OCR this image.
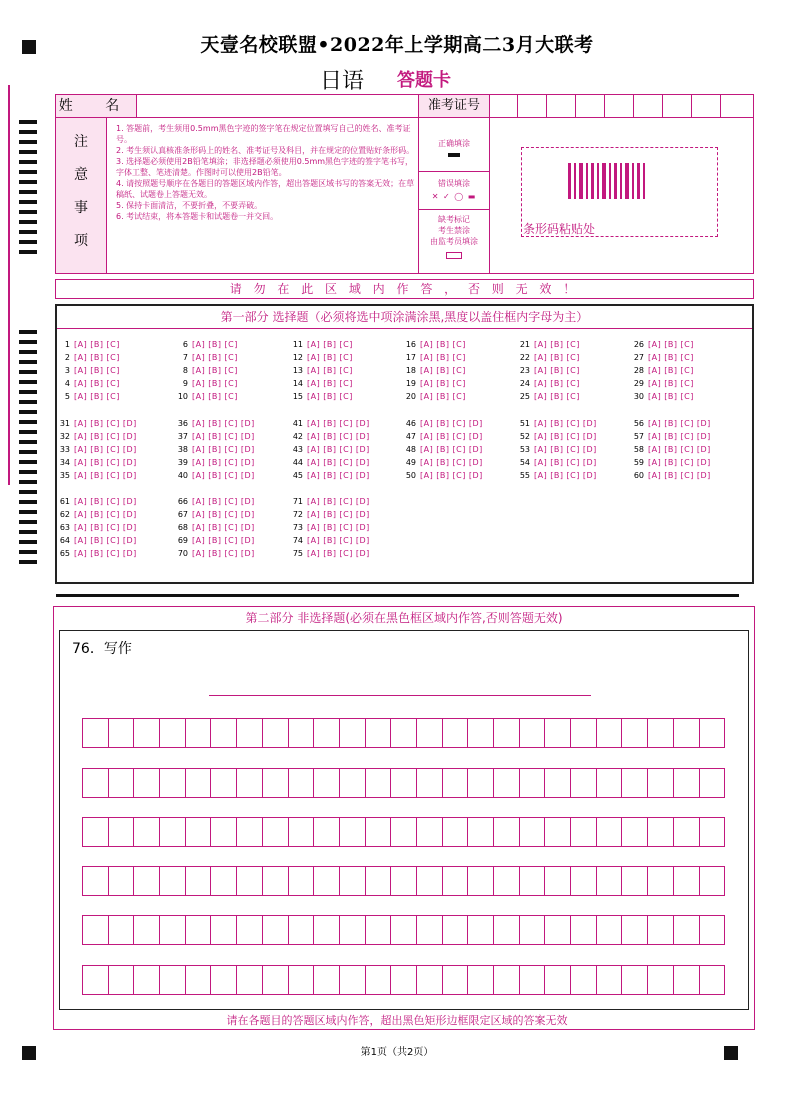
天壹名校联盟•2022年上学期高二3月大联考
日语 答题卡
姓 名	准考证号
注
意
事
项
1. 答题前，考生须用0.5mm黑色字迹的签字笔在规定位置填写自己的姓名、准考证号。
2. 考生须认真核准条形码上的姓名、准考证号及科目，并在规定的位置贴好条形码。
3. 选择题必须使用2B铅笔填涂；非选择题必须使用0.5mm黑色字迹的签字笔书写，字体工整、笔迹清楚。作图时可以使用2B铅笔。
4. 请按照题号顺序在各题目的答题区域内作答，超出答题区域书写的答案无效；在草稿纸、试题卷上答题无效。
5. 保持卡面清洁，不要折叠，不要弄破。
6. 考试结束，将本答题卡和试题卷一并交回。
正确填涂
错误填涂
✕ ✓ ◯ ▬
缺考标记
考生禁涂
由监考员填涂
条形码粘贴处
请 勿 在 此 区 域 内 作 答 ， 否 则 无 效 ！
第一部分 选择题（必须将选中项涂满涂黑,黑度以盖住框内字母为主）
1 [A] [B] [C]
2 [A] [B] [C]
3 [A] [B] [C]
4 [A] [B] [C]
5 [A] [B] [C]
6 [A] [B] [C]
7 [A] [B] [C]
8 [A] [B] [C]
9 [A] [B] [C]
10 [A] [B] [C]
11 [A] [B] [C]
12 [A] [B] [C]
13 [A] [B] [C]
14 [A] [B] [C]
15 [A] [B] [C]
16 [A] [B] [C]
17 [A] [B] [C]
18 [A] [B] [C]
19 [A] [B] [C]
20 [A] [B] [C]
21 [A] [B] [C]
22 [A] [B] [C]
23 [A] [B] [C]
24 [A] [B] [C]
25 [A] [B] [C]
26 [A] [B] [C]
27 [A] [B] [C]
28 [A] [B] [C]
29 [A] [B] [C]
30 [A] [B] [C]
31 [A] [B] [C] [D]
32 [A] [B] [C] [D]
33 [A] [B] [C] [D]
34 [A] [B] [C] [D]
35 [A] [B] [C] [D]
36 [A] [B] [C] [D]
37 [A] [B] [C] [D]
38 [A] [B] [C] [D]
39 [A] [B] [C] [D]
40 [A] [B] [C] [D]
41 [A] [B] [C] [D]
42 [A] [B] [C] [D]
43 [A] [B] [C] [D]
44 [A] [B] [C] [D]
45 [A] [B] [C] [D]
46 [A] [B] [C] [D]
47 [A] [B] [C] [D]
48 [A] [B] [C] [D]
49 [A] [B] [C] [D]
50 [A] [B] [C] [D]
51 [A] [B] [C] [D]
52 [A] [B] [C] [D]
53 [A] [B] [C] [D]
54 [A] [B] [C] [D]
55 [A] [B] [C] [D]
56 [A] [B] [C] [D]
57 [A] [B] [C] [D]
58 [A] [B] [C] [D]
59 [A] [B] [C] [D]
60 [A] [B] [C] [D]
61 [A] [B] [C] [D]
62 [A] [B] [C] [D]
63 [A] [B] [C] [D]
64 [A] [B] [C] [D]
65 [A] [B] [C] [D]
66 [A] [B] [C] [D]
67 [A] [B] [C] [D]
68 [A] [B] [C] [D]
69 [A] [B] [C] [D]
70 [A] [B] [C] [D]
71 [A] [B] [C] [D]
72 [A] [B] [C] [D]
73 [A] [B] [C] [D]
74 [A] [B] [C] [D]
75 [A] [B] [C] [D]
第二部分 非选择题(必须在黑色框区域内作答,否则答题无效)
76．写作
请在各题目的答题区域内作答，超出黑色矩形边框限定区域的答案无效
第1页（共2页）
